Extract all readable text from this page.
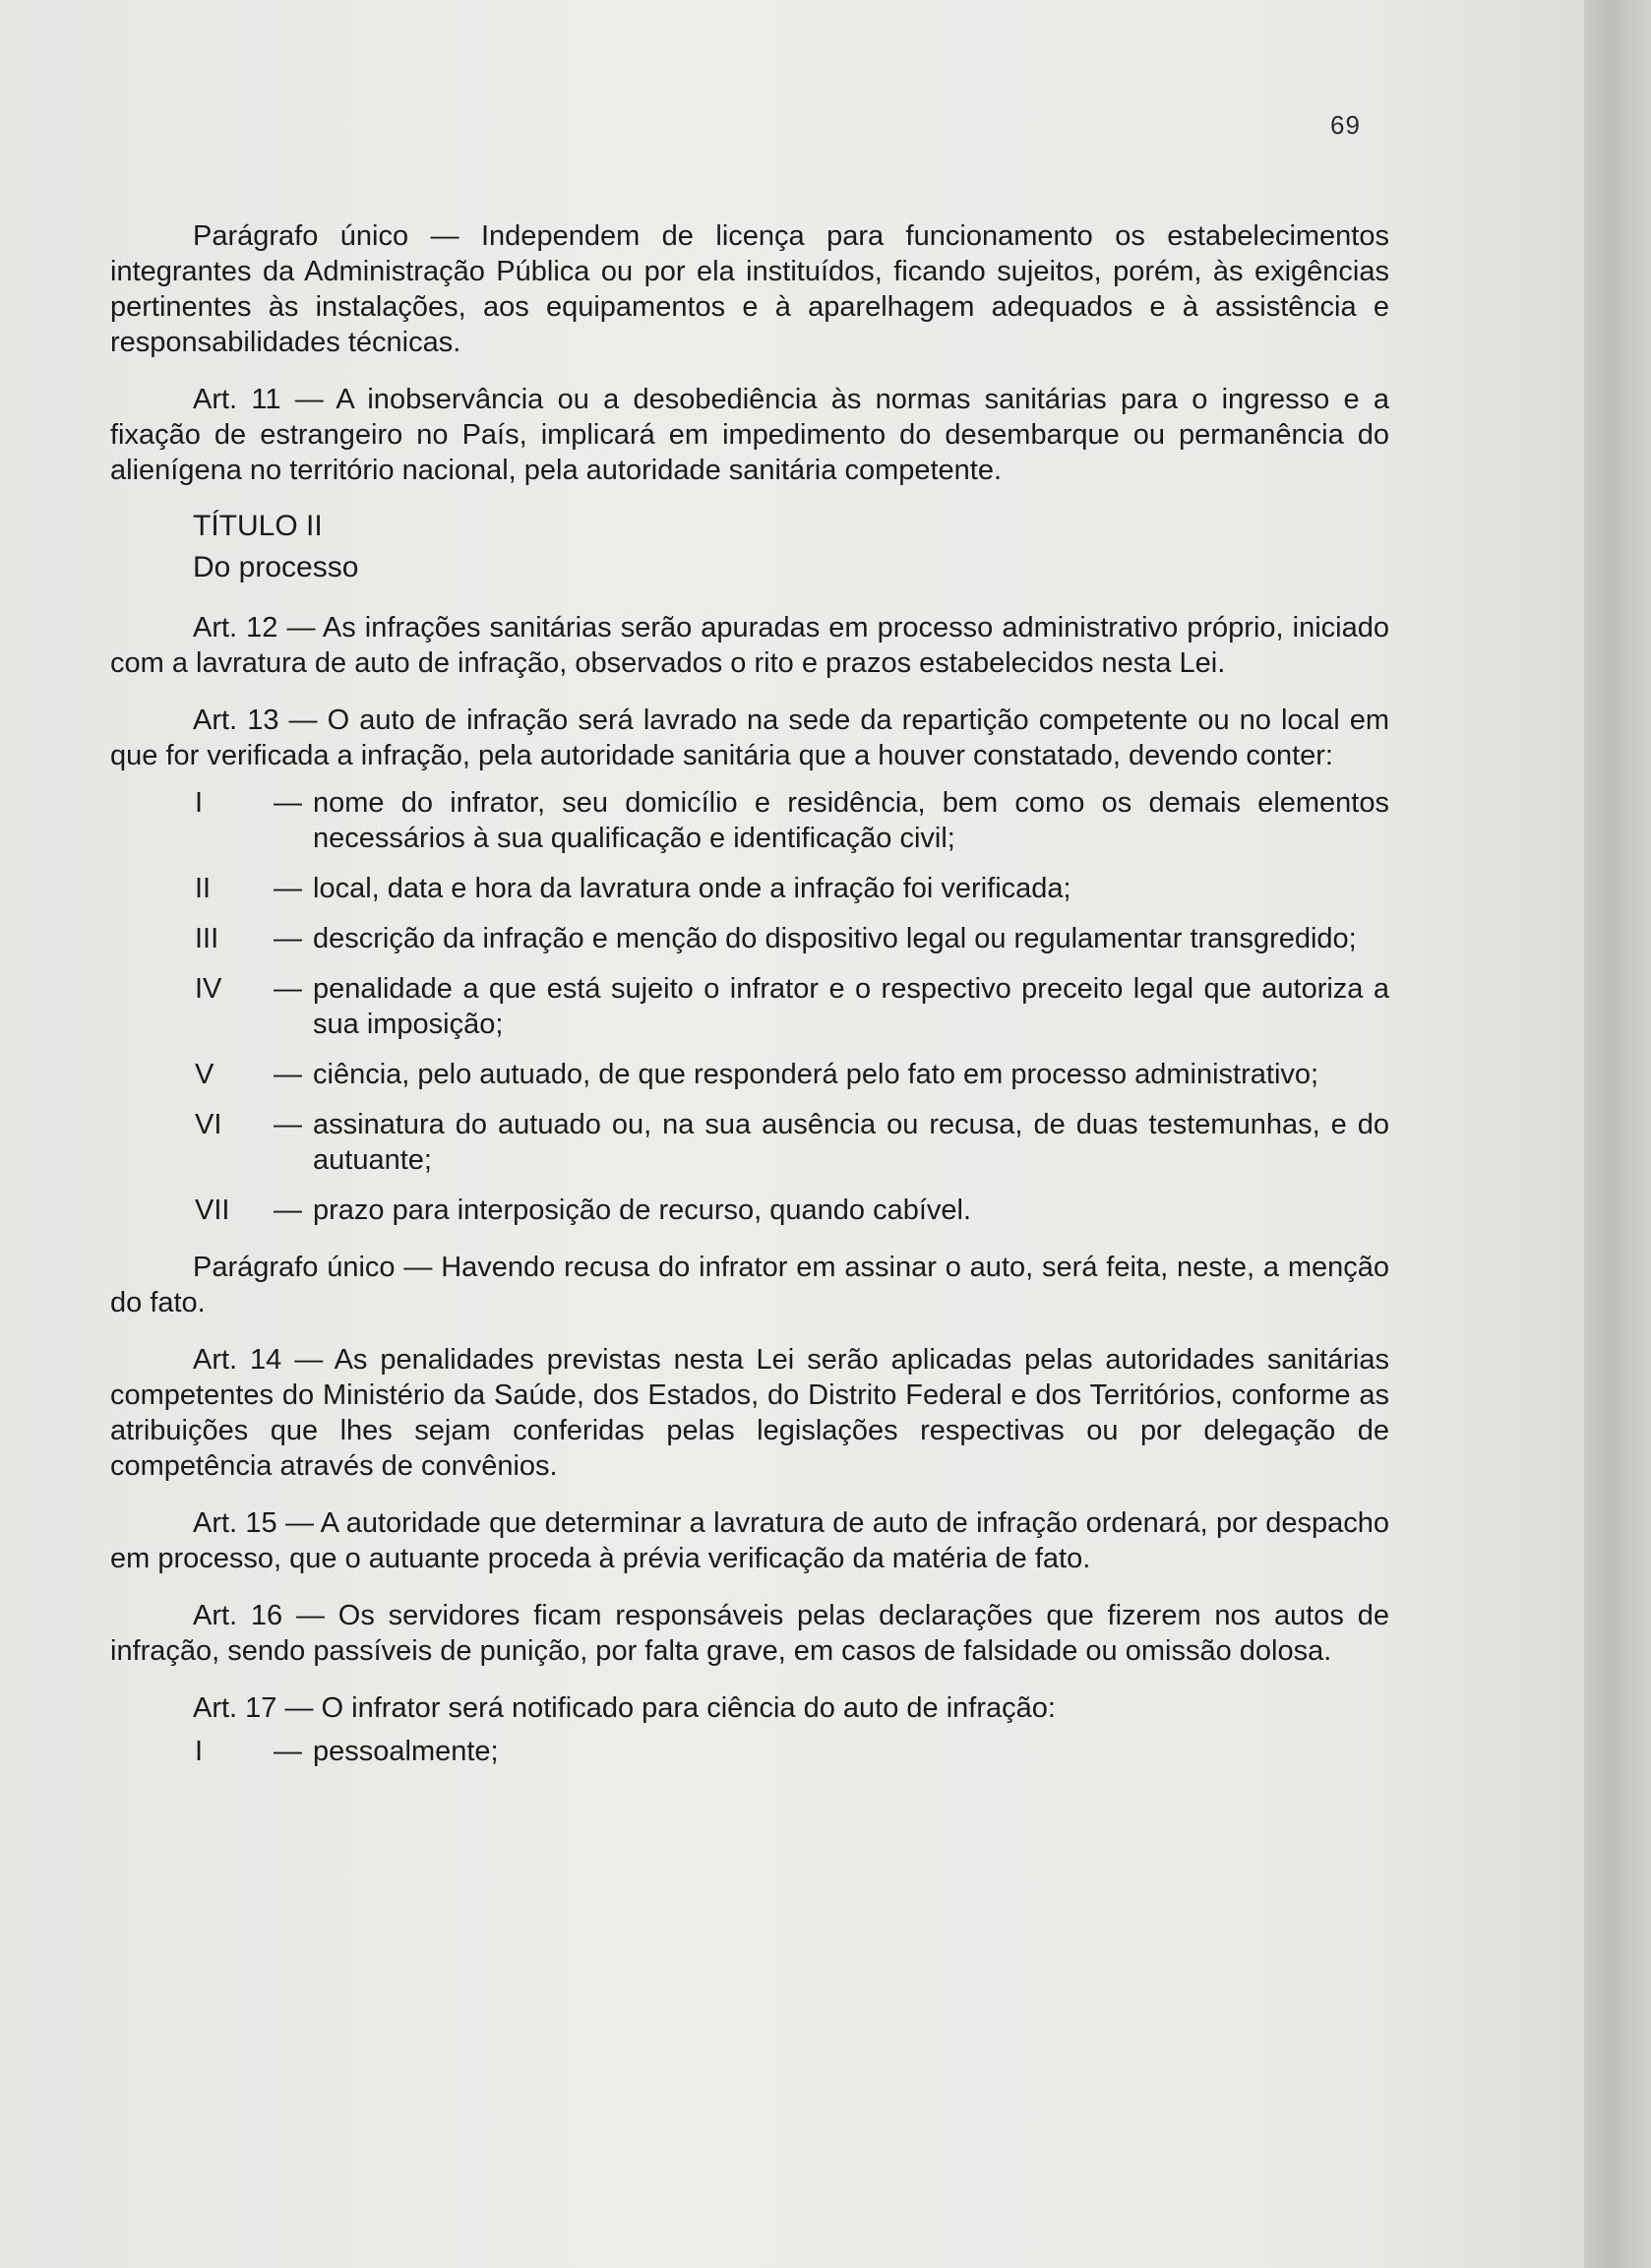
69

Parágrafo único — Independem de licença para funcionamento os estabelecimentos integrantes da Administração Pública ou por ela instituídos, ficando sujeitos, porém, às exigências pertinentes às instalações, aos equipamentos e à aparelhagem adequados e à assistência e responsabilidades técnicas.

Art. 11 — A inobservância ou a desobediência às normas sanitárias para o ingresso e a fixação de estrangeiro no País, implicará em impedimento do desembarque ou permanência do alienígena no território nacional, pela autoridade sanitária competente.

TÍTULO II
Do processo

Art. 12 — As infrações sanitárias serão apuradas em processo administrativo próprio, iniciado com a lavratura de auto de infração, observados o rito e prazos estabelecidos nesta Lei.

Art. 13 — O auto de infração será lavrado na sede da repartição competente ou no local em que for verificada a infração, pela autoridade sanitária que a houver constatado, devendo conter:

I	— nome do infrator, seu domicílio e residência, bem como os demais elementos necessários à sua qualificação e identificação civil;
II	— local, data e hora da lavratura onde a infração foi verificada;
III	— descrição da infração e menção do dispositivo legal ou regulamentar transgredido;
IV	— penalidade a que está sujeito o infrator e o respectivo preceito legal que autoriza a sua imposição;
V	— ciência, pelo autuado, de que responderá pelo fato em processo administrativo;
VI	— assinatura do autuado ou, na sua ausência ou recusa, de duas testemunhas, e do autuante;
VII	— prazo para interposição de recurso, quando cabível.

Parágrafo único — Havendo recusa do infrator em assinar o auto, será feita, neste, a menção do fato.

Art. 14 — As penalidades previstas nesta Lei serão aplicadas pelas autoridades sanitárias competentes do Ministério da Saúde, dos Estados, do Distrito Federal e dos Territórios, conforme as atribuições que lhes sejam conferidas pelas legislações respectivas ou por delegação de competência através de convênios.

Art. 15 — A autoridade que determinar a lavratura de auto de infração ordenará, por despacho em processo, que o autuante proceda à prévia verificação da matéria de fato.

Art. 16 — Os servidores ficam responsáveis pelas declarações que fizerem nos autos de infração, sendo passíveis de punição, por falta grave, em casos de falsidade ou omissão dolosa.

Art. 17 — O infrator será notificado para ciência do auto de infração:

I	— pessoalmente;
